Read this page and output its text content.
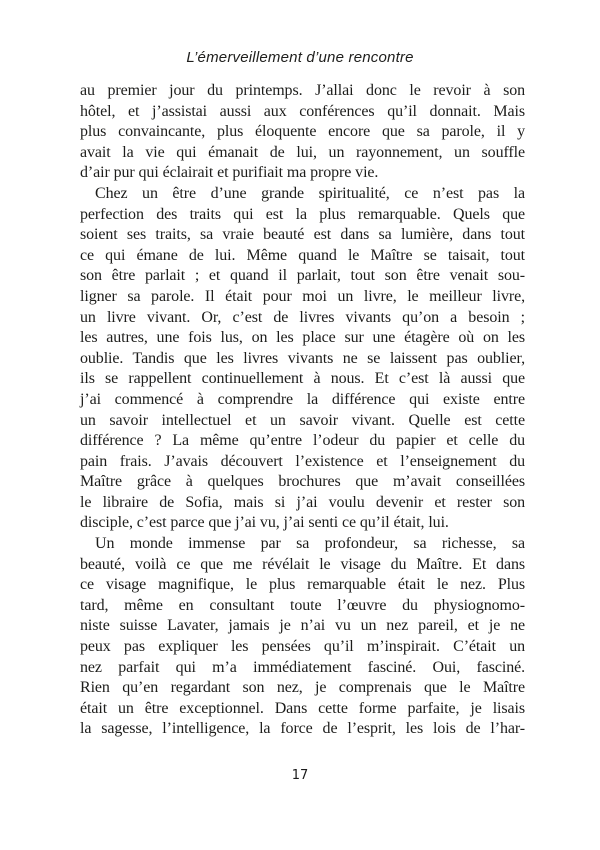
L’émerveillement d’une rencontre
au premier jour du printemps. J’allai donc le revoir à son
hôtel, et j’assistai aussi aux conférences qu’il donnait. Mais
plus convaincante, plus éloquente encore que sa parole, il y
avait la vie qui émanait de lui, un rayonnement, un souffle
d’air pur qui éclairait et purifiait ma propre vie.
Chez un être d’une grande spiritualité, ce n’est pas la
perfection des traits qui est la plus remarquable. Quels que
soient ses traits, sa vraie beauté est dans sa lumière, dans tout
ce qui émane de lui. Même quand le Maître se taisait, tout
son être parlait ; et quand il parlait, tout son être venait sou-
ligner sa parole. Il était pour moi un livre, le meilleur livre,
un livre vivant. Or, c’est de livres vivants qu’on a besoin ;
les autres, une fois lus, on les place sur une étagère où on les
oublie. Tandis que les livres vivants ne se laissent pas oublier,
ils se rappellent continuellement à nous. Et c’est là aussi que
j’ai commencé à comprendre la différence qui existe entre
un savoir intellectuel et un savoir vivant. Quelle est cette
différence ? La même qu’entre l’odeur du papier et celle du
pain frais. J’avais découvert l’existence et l’enseignement du
Maître grâce à quelques brochures que m’avait conseillées
le libraire de Sofia, mais si j’ai voulu devenir et rester son
disciple, c’est parce que j’ai vu, j’ai senti ce qu’il était, lui.
Un monde immense par sa profondeur, sa richesse, sa
beauté, voilà ce que me révélait le visage du Maître. Et dans
ce visage magnifique, le plus remarquable était le nez. Plus
tard, même en consultant toute l’œuvre du physiognomo-
niste suisse Lavater, jamais je n’ai vu un nez pareil, et je ne
peux pas expliquer les pensées qu’il m’inspirait. C’était un
nez parfait qui m’a immédiatement fasciné. Oui, fasciné.
Rien qu’en regardant son nez, je comprenais que le Maître
était un être exceptionnel. Dans cette forme parfaite, je lisais
la sagesse, l’intelligence, la force de l’esprit, les lois de l’har-
17
